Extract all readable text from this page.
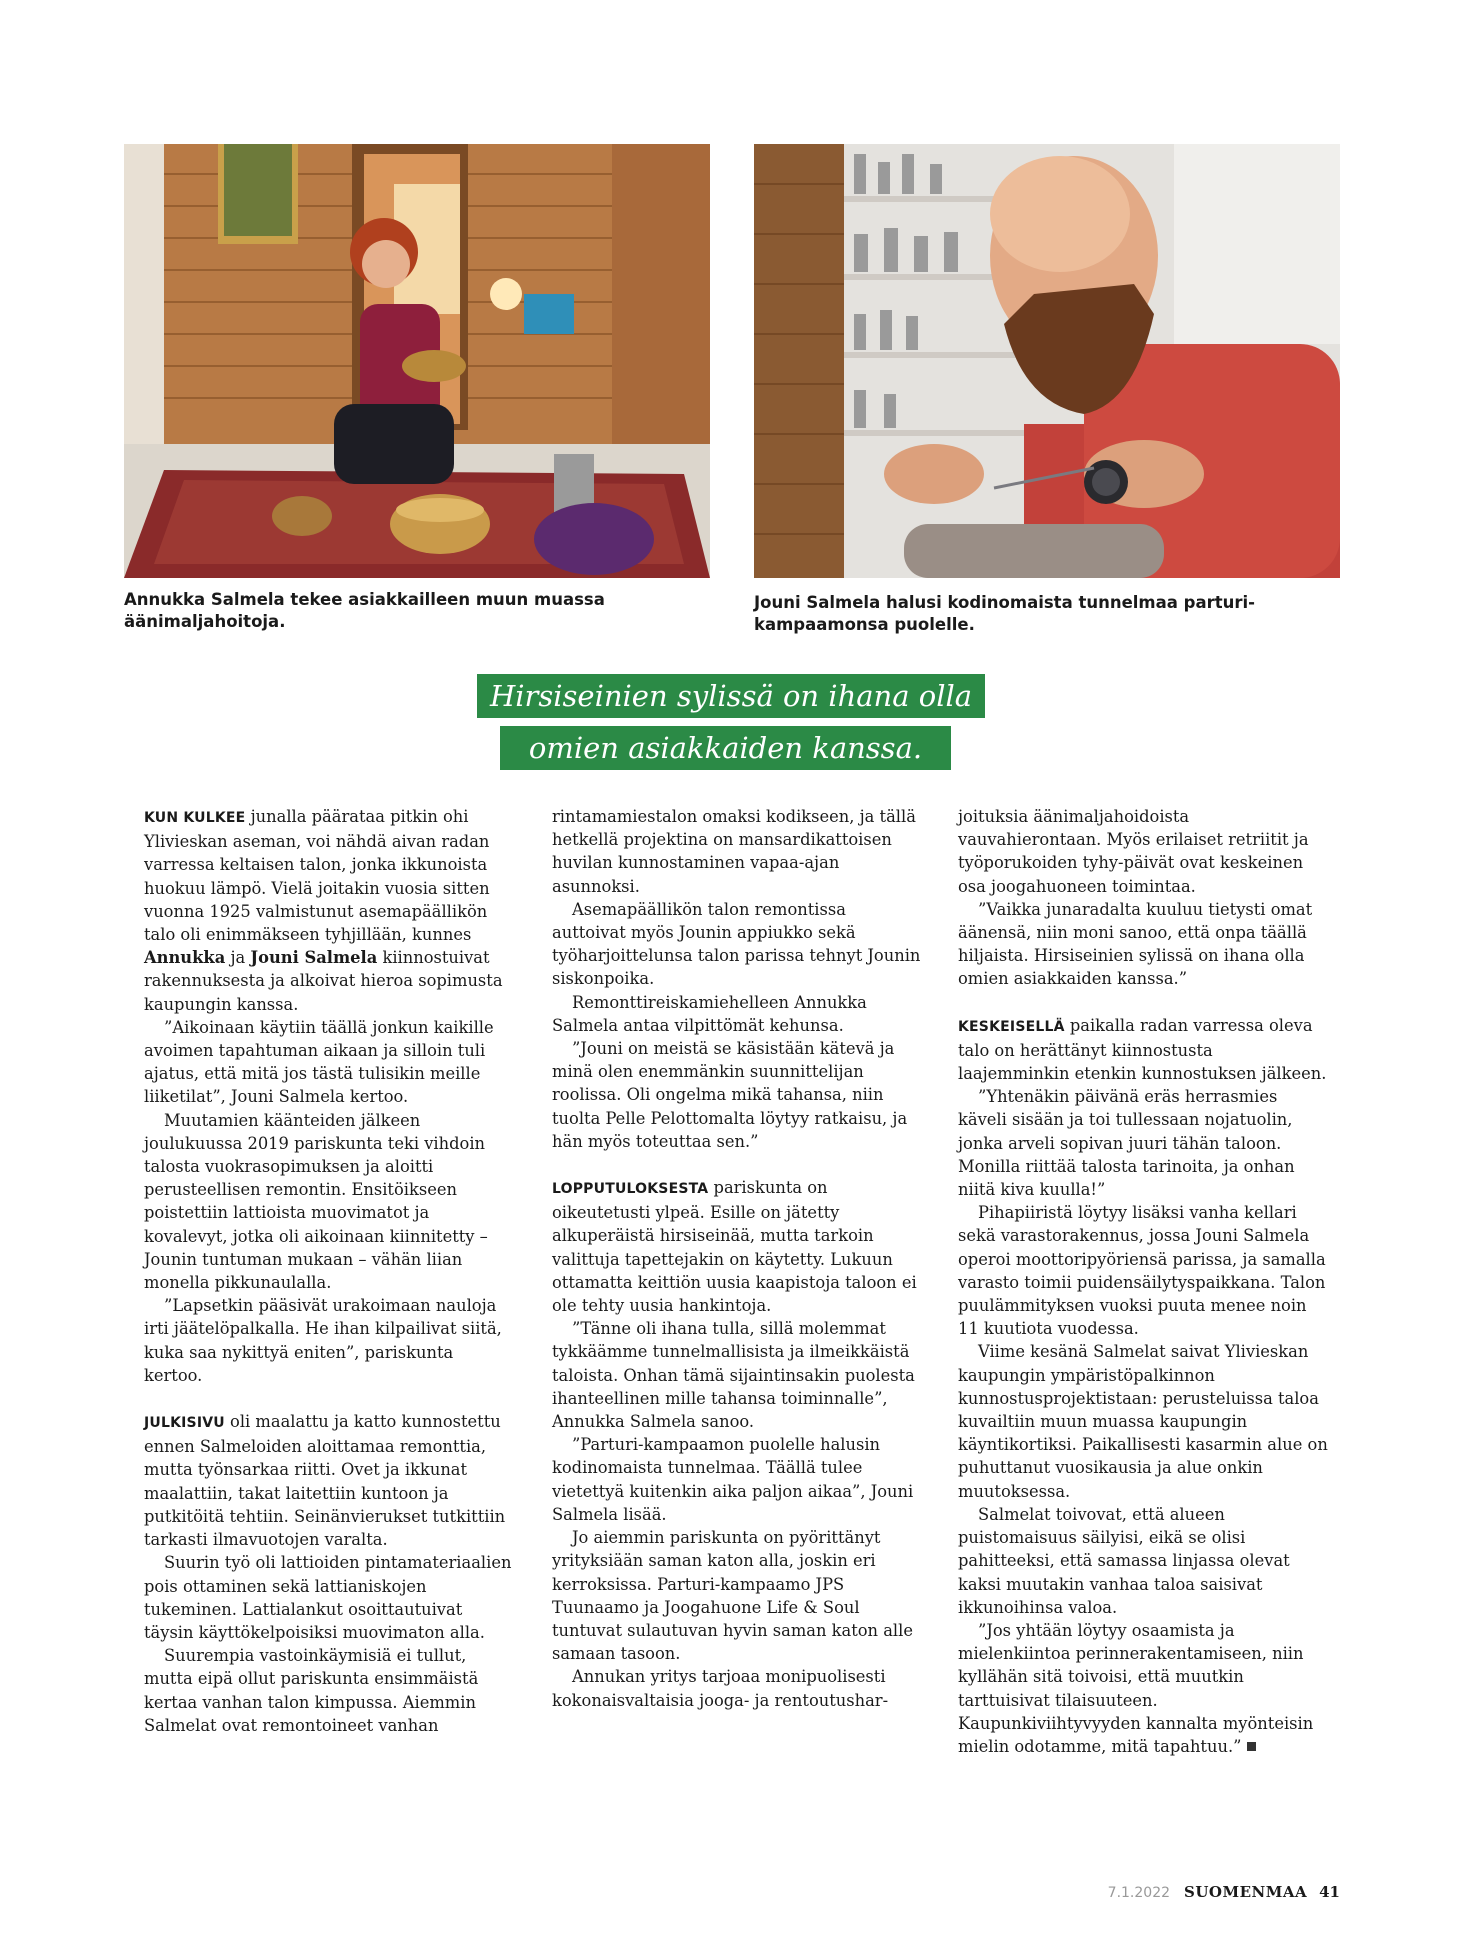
Annukka Salmela tekee asiakkailleen muun muassa äänimaljahoitoja.
Jouni Salmela halusi kodinomaista tunnelmaa parturi-kampaamonsa puolelle.
Hirsiseinien sylissä on ihana olla
omien asiakkaiden kanssa.

KUN KULKEE junalla päärataa pitkin ohi Ylivieskan aseman, voi nähdä aivan radan varressa keltaisen talon, jonka ikkunoista huokuu lämpö. Vielä joitakin vuosia sitten vuonna 1925 valmistunut asemapäällikön talo oli enimmäkseen tyhjillään, kunnes Annukka ja Jouni Salmela kiinnostuivat rakennuksesta ja alkoivat hieroa sopimusta kaupungin kanssa.

”Aikoinaan käytiin täällä jonkun kaikille avoimen tapahtuman aikaan ja silloin tuli ajatus, että mitä jos tästä tulisikin meille liiketilat”, Jouni Salmela kertoo.

Muutamien käänteiden jälkeen joulukuussa 2019 pariskunta teki vihdoin talosta vuokrasopimuksen ja aloitti perusteellisen remontin. Ensitöikseen poistettiin lattioista muovimatot ja kovalevyt, jotka oli aikoinaan kiinnitetty – Jounin tuntuman mukaan – vähän liian monella pikkunaulalla.

”Lapsetkin pääsivät urakoimaan nauloja irti jäätelöpalkalla. He ihan kilpailivat siitä, kuka saa nykittyä eniten”, pariskunta kertoo.

JULKISIVU oli maalattu ja katto kunnostettu ennen Salmeloiden aloittamaa remonttia, mutta työnsarkaa riitti. Ovet ja ikkunat maalattiin, takat laitettiin kuntoon ja putkitöitä tehtiin. Seinänvierukset tutkittiin tarkasti ilmavuotojen varalta.

Suurin työ oli lattioiden pintamateriaalien pois ottaminen sekä lattianiskojen tukeminen. Lattialankut osoittautuivat täysin käyttökelpoisiksi muovimaton alla.

Suurempia vastoinkäymisiä ei tullut, mutta eipä ollut pariskunta ensimmäistä kertaa vanhan talon kimpussa. Aiemmin Salmelat ovat remontoineet vanhan

rintamamiestalon omaksi kodikseen, ja tällä hetkellä projektina on mansardikattoisen huvilan kunnostaminen vapaa-ajan asunnoksi.

Asemapäällikön talon remontissa auttoivat myös Jounin appiukko sekä työharjoittelunsa talon parissa tehnyt Jounin siskonpoika.

Remonttireiskamiehelleen Annukka Salmela antaa vilpittömät kehunsa.

”Jouni on meistä se käsistään kätevä ja minä olen enemmänkin suunnittelijan roolissa. Oli ongelma mikä tahansa, niin tuolta Pelle Pelottomalta löytyy ratkaisu, ja hän myös toteuttaa sen.”

LOPPUTULOKSESTA pariskunta on oikeutetusti ylpeä. Esille on jätetty alkuperäistä hirsiseinää, mutta tarkoin valittuja tapettejakin on käytetty. Lukuun ottamatta keittiön uusia kaapistoja taloon ei ole tehty uusia hankintoja.

”Tänne oli ihana tulla, sillä molemmat tykkäämme tunnelmallisista ja ilmeikkäistä taloista. Onhan tämä sijaintinsakin puolesta ihanteellinen mille tahansa toiminnalle”, Annukka Salmela sanoo.

”Parturi-kampaamon puolelle halusin kodinomaista tunnelmaa. Täällä tulee vietettyä kuitenkin aika paljon aikaa”, Jouni Salmela lisää.

Jo aiemmin pariskunta on pyörittänyt yrityksiään saman katon alla, joskin eri kerroksissa. Parturi-kampaamo JPS Tuunaamo ja Joogahuone Life & Soul tuntuvat sulautuvan hyvin saman katon alle samaan tasoon.

Annukan yritys tarjoaa monipuolisesti kokonaisvaltaisia jooga- ja rentoutushar-

joituksia äänimaljahoidoista vauvahierontaan. Myös erilaiset retriitit ja työporukoiden tyhy-päivät ovat keskeinen osa joogahuoneen toimintaa.

”Vaikka junaradalta kuuluu tietysti omat äänensä, niin moni sanoo, että onpa täällä hiljaista. Hirsiseinien sylissä on ihana olla omien asiakkaiden kanssa.”

KESKEISELLÄ paikalla radan varressa oleva talo on herättänyt kiinnostusta laajemminkin etenkin kunnostuksen jälkeen.

”Yhtenäkin päivänä eräs herrasmies käveli sisään ja toi tullessaan nojatuolin, jonka arveli sopivan juuri tähän taloon. Monilla riittää talosta tarinoita, ja onhan niitä kiva kuulla!”

Pihapiiristä löytyy lisäksi vanha kellari sekä varastorakennus, jossa Jouni Salmela operoi moottoripyöriensä parissa, ja samalla varasto toimii puidensäilytyspaikkana. Talon puulämmityksen vuoksi puuta menee noin 11 kuutiota vuodessa.

Viime kesänä Salmelat saivat Ylivieskan kaupungin ympäristöpalkinnon kunnostusprojektistaan: perusteluissa taloa kuvailtiin muun muassa kaupungin käyntikortiksi. Paikallisesti kasarmin alue on puhuttanut vuosikausia ja alue onkin muutoksessa.

Salmelat toivovat, että alueen puistomaisuus säilyisi, eikä se olisi pahitteeksi, että samassa linjassa olevat kaksi muutakin vanhaa taloa saisivat ikkunoihinsa valoa.

”Jos yhtään löytyy osaamista ja mielenkiintoa perinnerakentamiseen, niin kyllähän sitä toivoisi, että muutkin tarttuisivat tilaisuuteen. Kaupunkiviihtyvyyden kannalta myönteisin mielin odotamme, mitä tapahtuu.”

7.1.2022 SUOMENMAA 41
